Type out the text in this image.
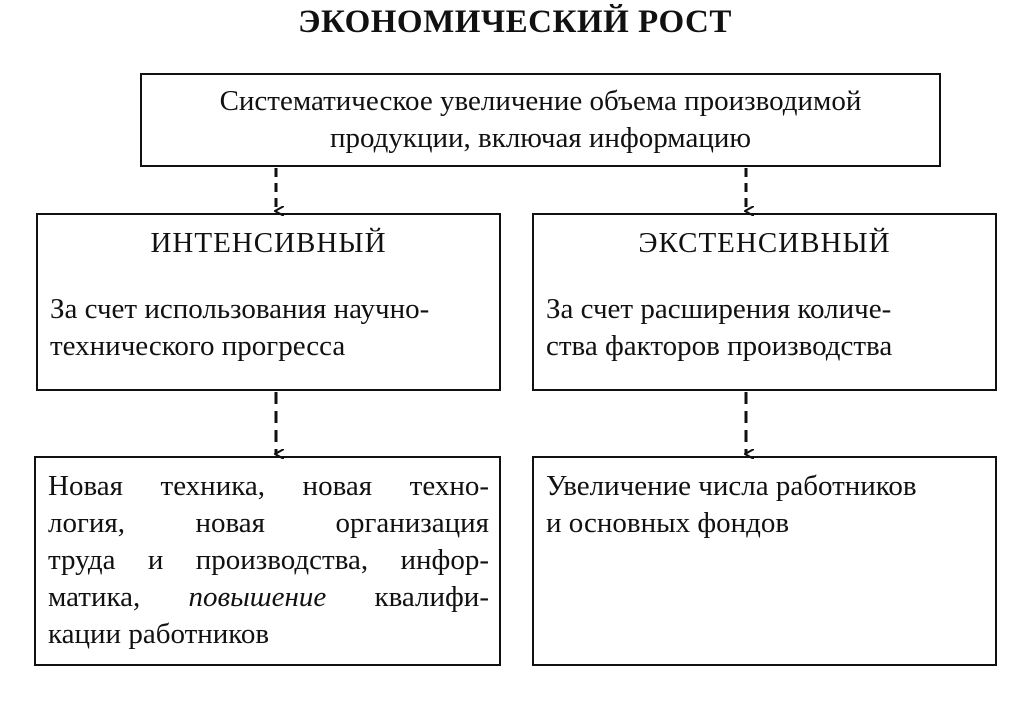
ЭКОНОМИЧЕСКИЙ РОСТ
Систематическое увеличение объема производимой
продукции, включая информацию
ИНТЕНСИВНЫЙ
За счет использования научно-
технического прогресса
ЭКСТЕНСИВНЫЙ
За счет расширения количе-
ства факторов производства
Новая техника, новая техно-
логия, новая организация
труда и производства, инфор-
матика, повышение квалифи-
кации работников
Увеличение числа работников
и основных фондов
